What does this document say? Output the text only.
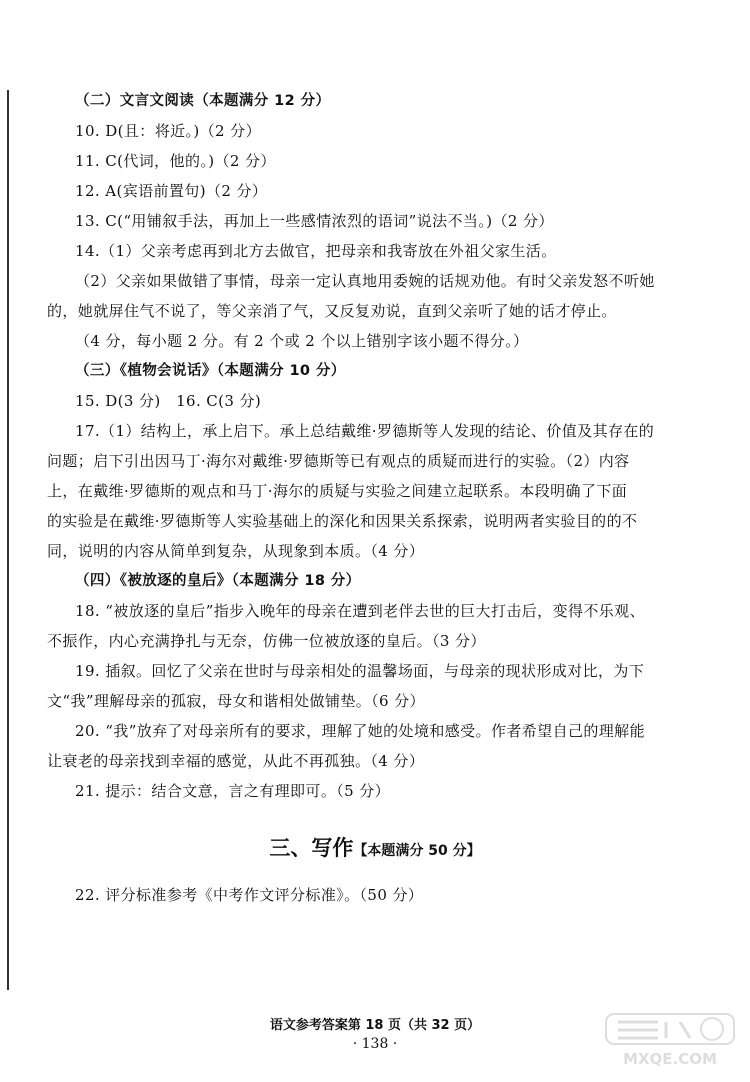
（二）文言文阅读（本题满分 12 分）
10. D(且：将近。)（2 分）
11. C(代词，他的。)（2 分）
12. A(宾语前置句)（2 分）
13. C(“用铺叙手法，再加上一些感情浓烈的语词”说法不当。)（2 分）
14.（1）父亲考虑再到北方去做官，把母亲和我寄放在外祖父家生活。
（2）父亲如果做错了事情，母亲一定认真地用委婉的话规劝他。有时父亲发怒不听她
的，她就屏住气不说了，等父亲消了气，又反复劝说，直到父亲听了她的话才停止。
（4 分，每小题 2 分。有 2 个或 2 个以上错别字该小题不得分。）
（三）《植物会说话》（本题满分 10 分）
15. D(3 分)　16. C(3 分)
17.（1）结构上，承上启下。承上总结戴维·罗德斯等人发现的结论、价值及其存在的
问题；启下引出因马丁·海尔对戴维·罗德斯等已有观点的质疑而进行的实验。（2）内容
上，在戴维·罗德斯的观点和马丁·海尔的质疑与实验之间建立起联系。本段明确了下面
的实验是在戴维·罗德斯等人实验基础上的深化和因果关系探索，说明两者实验目的的不
同，说明的内容从简单到复杂，从现象到本质。（4 分）
（四）《被放逐的皇后》（本题满分 18 分）
18. “被放逐的皇后”指步入晚年的母亲在遭到老伴去世的巨大打击后，变得不乐观、
不振作，内心充满挣扎与无奈，仿佛一位被放逐的皇后。（3 分）
19. 插叙。回忆了父亲在世时与母亲相处的温馨场面，与母亲的现状形成对比，为下
文“我”理解母亲的孤寂，母女和谐相处做铺垫。（6 分）
20. “我”放弃了对母亲所有的要求，理解了她的处境和感受。作者希望自己的理解能
让衰老的母亲找到幸福的感觉，从此不再孤独。（4 分）
21. 提示：结合文意，言之有理即可。（5 分）
三、写作【本题满分 50 分】
22. 评分标准参考《中考作文评分标准》。（50 分）
语文参考答案第 18 页（共 32 页）
· 138 ·
MXQE.COM
